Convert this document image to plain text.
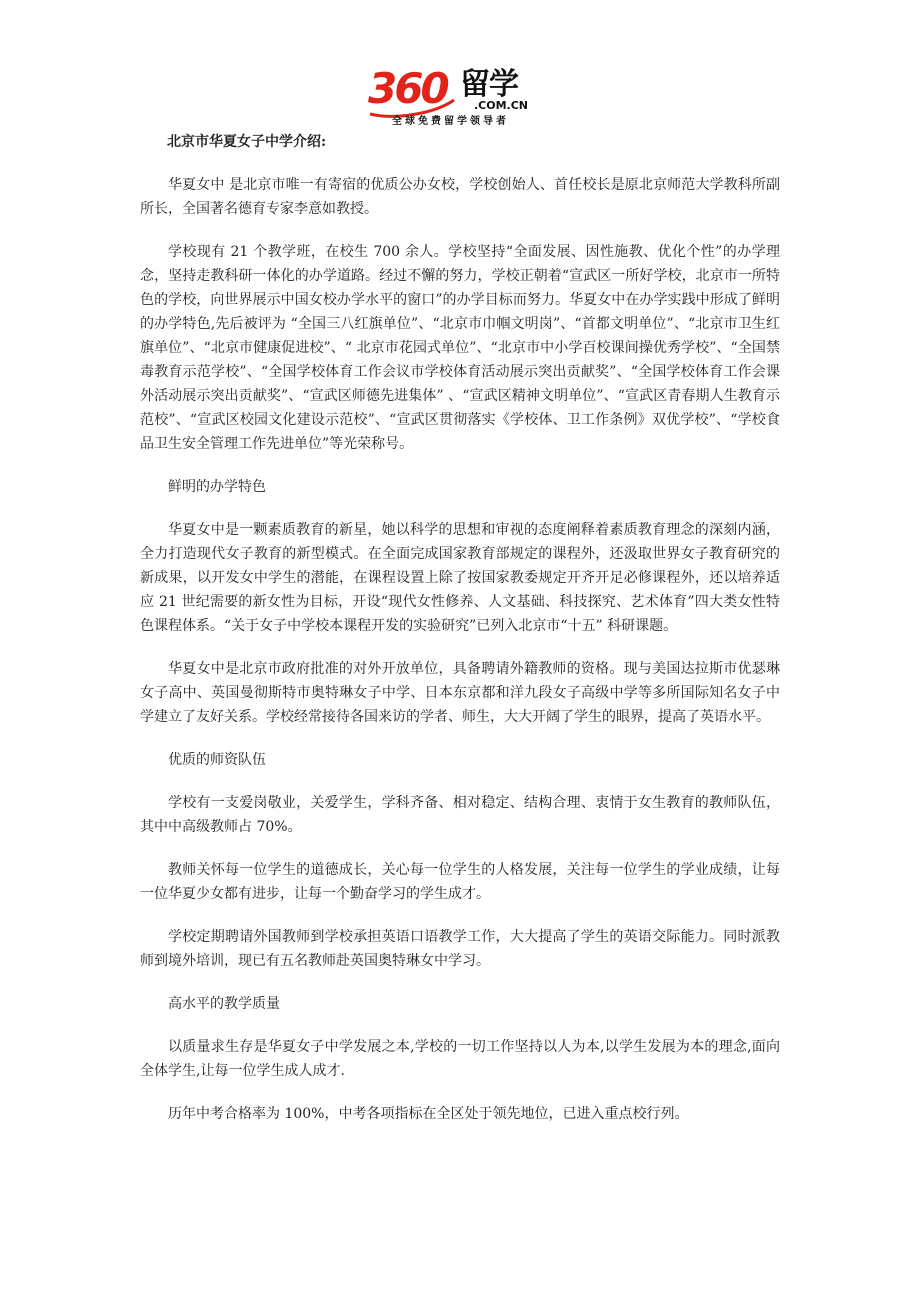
360 留学
.COM.CN
全球免费留学领导者
北京市华夏女子中学介绍:

华夏女中 是北京市唯一有寄宿的优质公办女校，学校创始人、首任校长是原北京师范大学教科所副所长，全国著名德育专家李意如教授。

学校现有 21 个教学班，在校生 700 余人。学校坚持“全面发展、因性施教、优化个性”的办学理念，坚持走教科研一体化的办学道路。经过不懈的努力，学校正朝着“宣武区一所好学校，北京市一所特色的学校，向世界展示中国女校办学水平的窗口”的办学目标而努力。华夏女中在办学实践中形成了鲜明的办学特色,先后被评为 “全国三八红旗单位”、“北京市巾帼文明岗”、“首都文明单位”、“北京市卫生红旗单位”、“北京市健康促进校”、“ 北京市花园式单位”、“北京市中小学百校课间操优秀学校”、“全国禁毒教育示范学校”、“全国学校体育工作会议市学校体育活动展示突出贡献奖”、“全国学校体育工作会课外活动展示突出贡献奖”、“宣武区师德先进集体” 、“宣武区精神文明单位”、“宣武区青春期人生教育示范校”、“宣武区校园文化建设示范校”、“宣武区贯彻落实《学校体、卫工作条例》双优学校”、“学校食品卫生安全管理工作先进单位”等光荣称号。

鲜明的办学特色

华夏女中是一颗素质教育的新星，她以科学的思想和审视的态度阐释着素质教育理念的深刻内涵，全力打造现代女子教育的新型模式。在全面完成国家教育部规定的课程外，还汲取世界女子教育研究的新成果，以开发女中学生的潜能，在课程设置上除了按国家教委规定开齐开足必修课程外，还以培养适应 21 世纪需要的新女性为目标，开设“现代女性修养、人文基础、科技探究、艺术体育”四大类女性特色课程体系。“关于女子中学校本课程开发的实验研究”已列入北京市“十五” 科研课题。

华夏女中是北京市政府批准的对外开放单位，具备聘请外籍教师的资格。现与美国达拉斯市优瑟琳女子高中、英国曼彻斯特市奥特琳女子中学、日本东京都和洋九段女子高级中学等多所国际知名女子中学建立了友好关系。学校经常接待各国来访的学者、师生，大大开阔了学生的眼界，提高了英语水平。

优质的师资队伍

学校有一支爱岗敬业，关爱学生，学科齐备、相对稳定、结构合理、衷情于女生教育的教师队伍，其中中高级教师占 70%。

教师关怀每一位学生的道德成长，关心每一位学生的人格发展，关注每一位学生的学业成绩，让每一位华夏少女都有进步，让每一个勤奋学习的学生成才。

学校定期聘请外国教师到学校承担英语口语教学工作，大大提高了学生的英语交际能力。同时派教师到境外培训，现已有五名教师赴英国奥特琳女中学习。

高水平的教学质量

以质量求生存是华夏女子中学发展之本,学校的一切工作坚持以人为本,以学生发展为本的理念,面向全体学生,让每一位学生成人成才.

历年中考合格率为 100%，中考各项指标在全区处于领先地位，已进入重点校行列。
